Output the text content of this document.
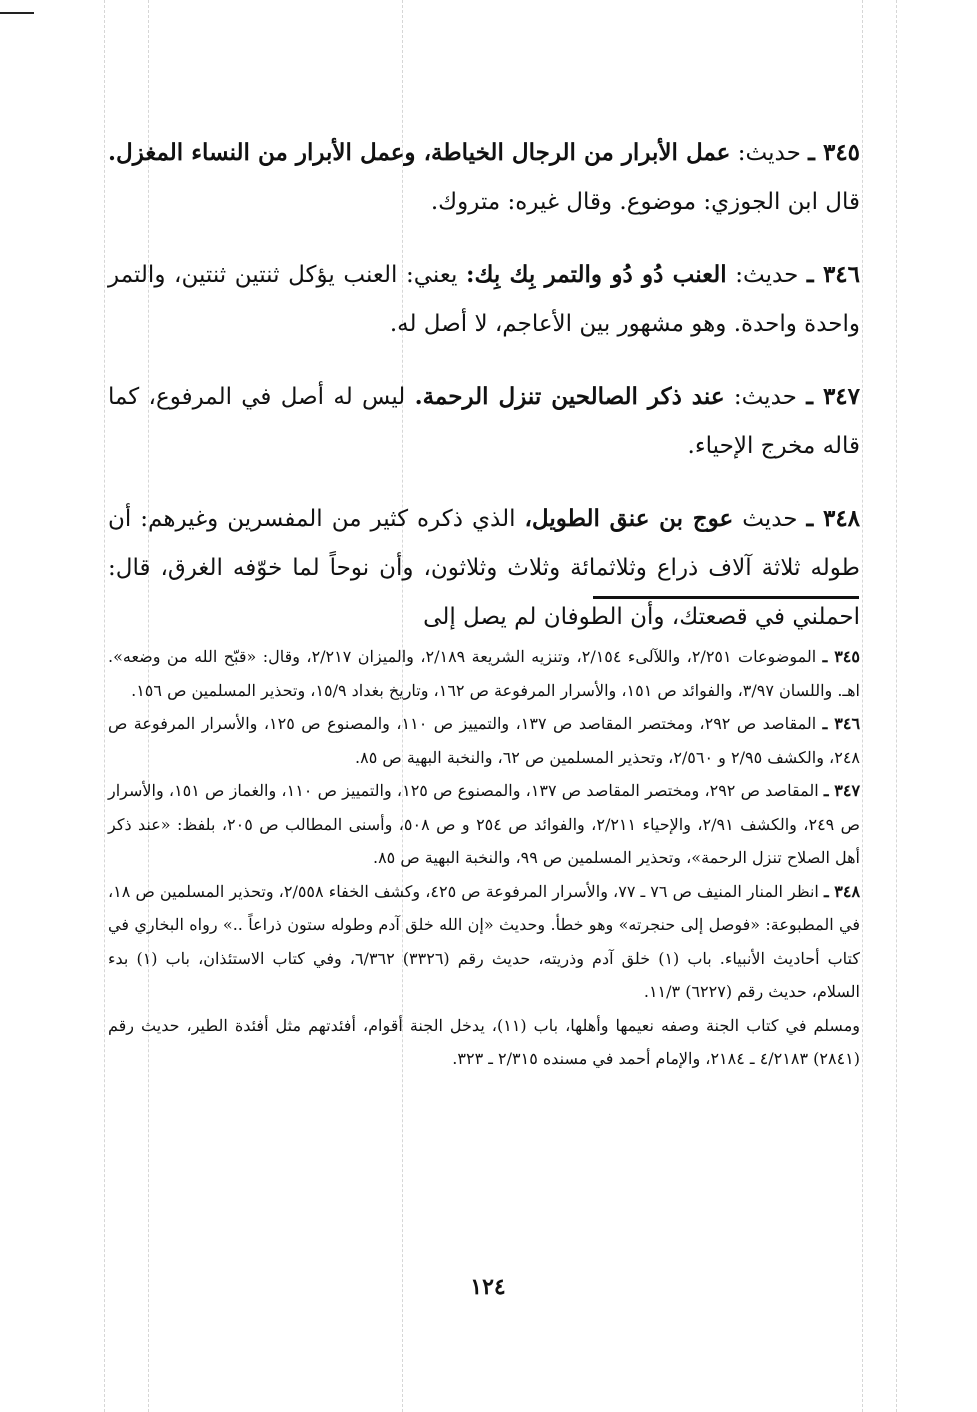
٣٤٥ ـ حديث: عمل الأبرار من الرجال الخياطة، وعمل الأبرار من النساء المغزل. قال ابن الجوزي: موضوع. وقال غيره: متروك.

٣٤٦ ـ حديث: العنب دُو دُو والتمر بِك بِك: يعني: العنب يؤكل ثنتين ثنتين، والتمر واحدة واحدة. وهو مشهور بين الأعاجم، لا أصل له.

٣٤٧ ـ حديث: عند ذكر الصالحين تنزل الرحمة. ليس له أصل في المرفوع، كما قاله مخرج الإحياء.

٣٤٨ ـ حديث عوج بن عنق الطويل، الذي ذكره كثير من المفسرين وغيرهم: أن طوله ثلاثة آلاف ذراع وثلاثمائة وثلاث وثلاثون، وأن نوحاً لما خوّفه الغرق، قال: احملني في قصعتك، وأن الطوفان لم يصل إلى

٣٤٥ ـ الموضوعات ٢/٢٥١، واللآلىء ٢/١٥٤، وتنزيه الشريعة ٢/١٨٩، والميزان ٢/٢١٧، وقال: «قبّح الله من وضعه». اهـ. واللسان ٣/٩٧، والفوائد ص ١٥١، والأسرار المرفوعة ص ١٦٢، وتاريخ بغداد ١٥/٩، وتحذير المسلمين ص ١٥٦.

٣٤٦ ـ المقاصد ص ٢٩٢، ومختصر المقاصد ص ١٣٧، والتمييز ص ١١٠، والمصنوع ص ١٢٥، والأسرار المرفوعة ص ٢٤٨، والكشف ٢/٩٥ و ٢/٥٦٠، وتحذير المسلمين ص ٦٢، والنخبة البهية ص ٨٥.

٣٤٧ ـ المقاصد ص ٢٩٢، ومختصر المقاصد ص ١٣٧، والمصنوع ص ١٢٥، والتمييز ص ١١٠، والغماز ص ١٥١، والأسرار ص ٢٤٩، والكشف ٢/٩١، والإحياء ٢/٢١١، والفوائد ص ٢٥٤ و ص ٥٠٨، وأسنى المطالب ص ٢٠٥، بلفظ: «عند ذكر أهل الصلاح تنزل الرحمة»، وتحذير المسلمين ص ٩٩، والنخبة البهية ص ٨٥.

٣٤٨ ـ انظر المنار المنيف ص ٧٦ ـ ٧٧، والأسرار المرفوعة ص ٤٢٥، وكشف الخفاء ٢/٥٥٨، وتحذير المسلمين ص ١٨، في المطبوعة: «فوصل إلى حنجرته» وهو خطأ. وحديث «إن الله خلق آدم وطوله ستون ذراعاً ..» رواه البخاري في كتاب أحاديث الأنبياء. باب (١) خلق آدم وذريته، حديث رقم (٣٣٢٦) ٦/٣٦٢، وفي كتاب الاستئذان، باب (١) بدء السلام، حديث رقم (٦٢٢٧) ١١/٣.

ومسلم في كتاب الجنة وصفه نعيمها وأهلها، باب (١١)، يدخل الجنة أقوام، أفئدتهم مثل أفئدة الطير، حديث رقم (٢٨٤١) ٤/٢١٨٣ ـ ٢١٨٤، والإمام أحمد في مسنده ٢/٣١٥ ـ ٣٢٣.

١٢٤
